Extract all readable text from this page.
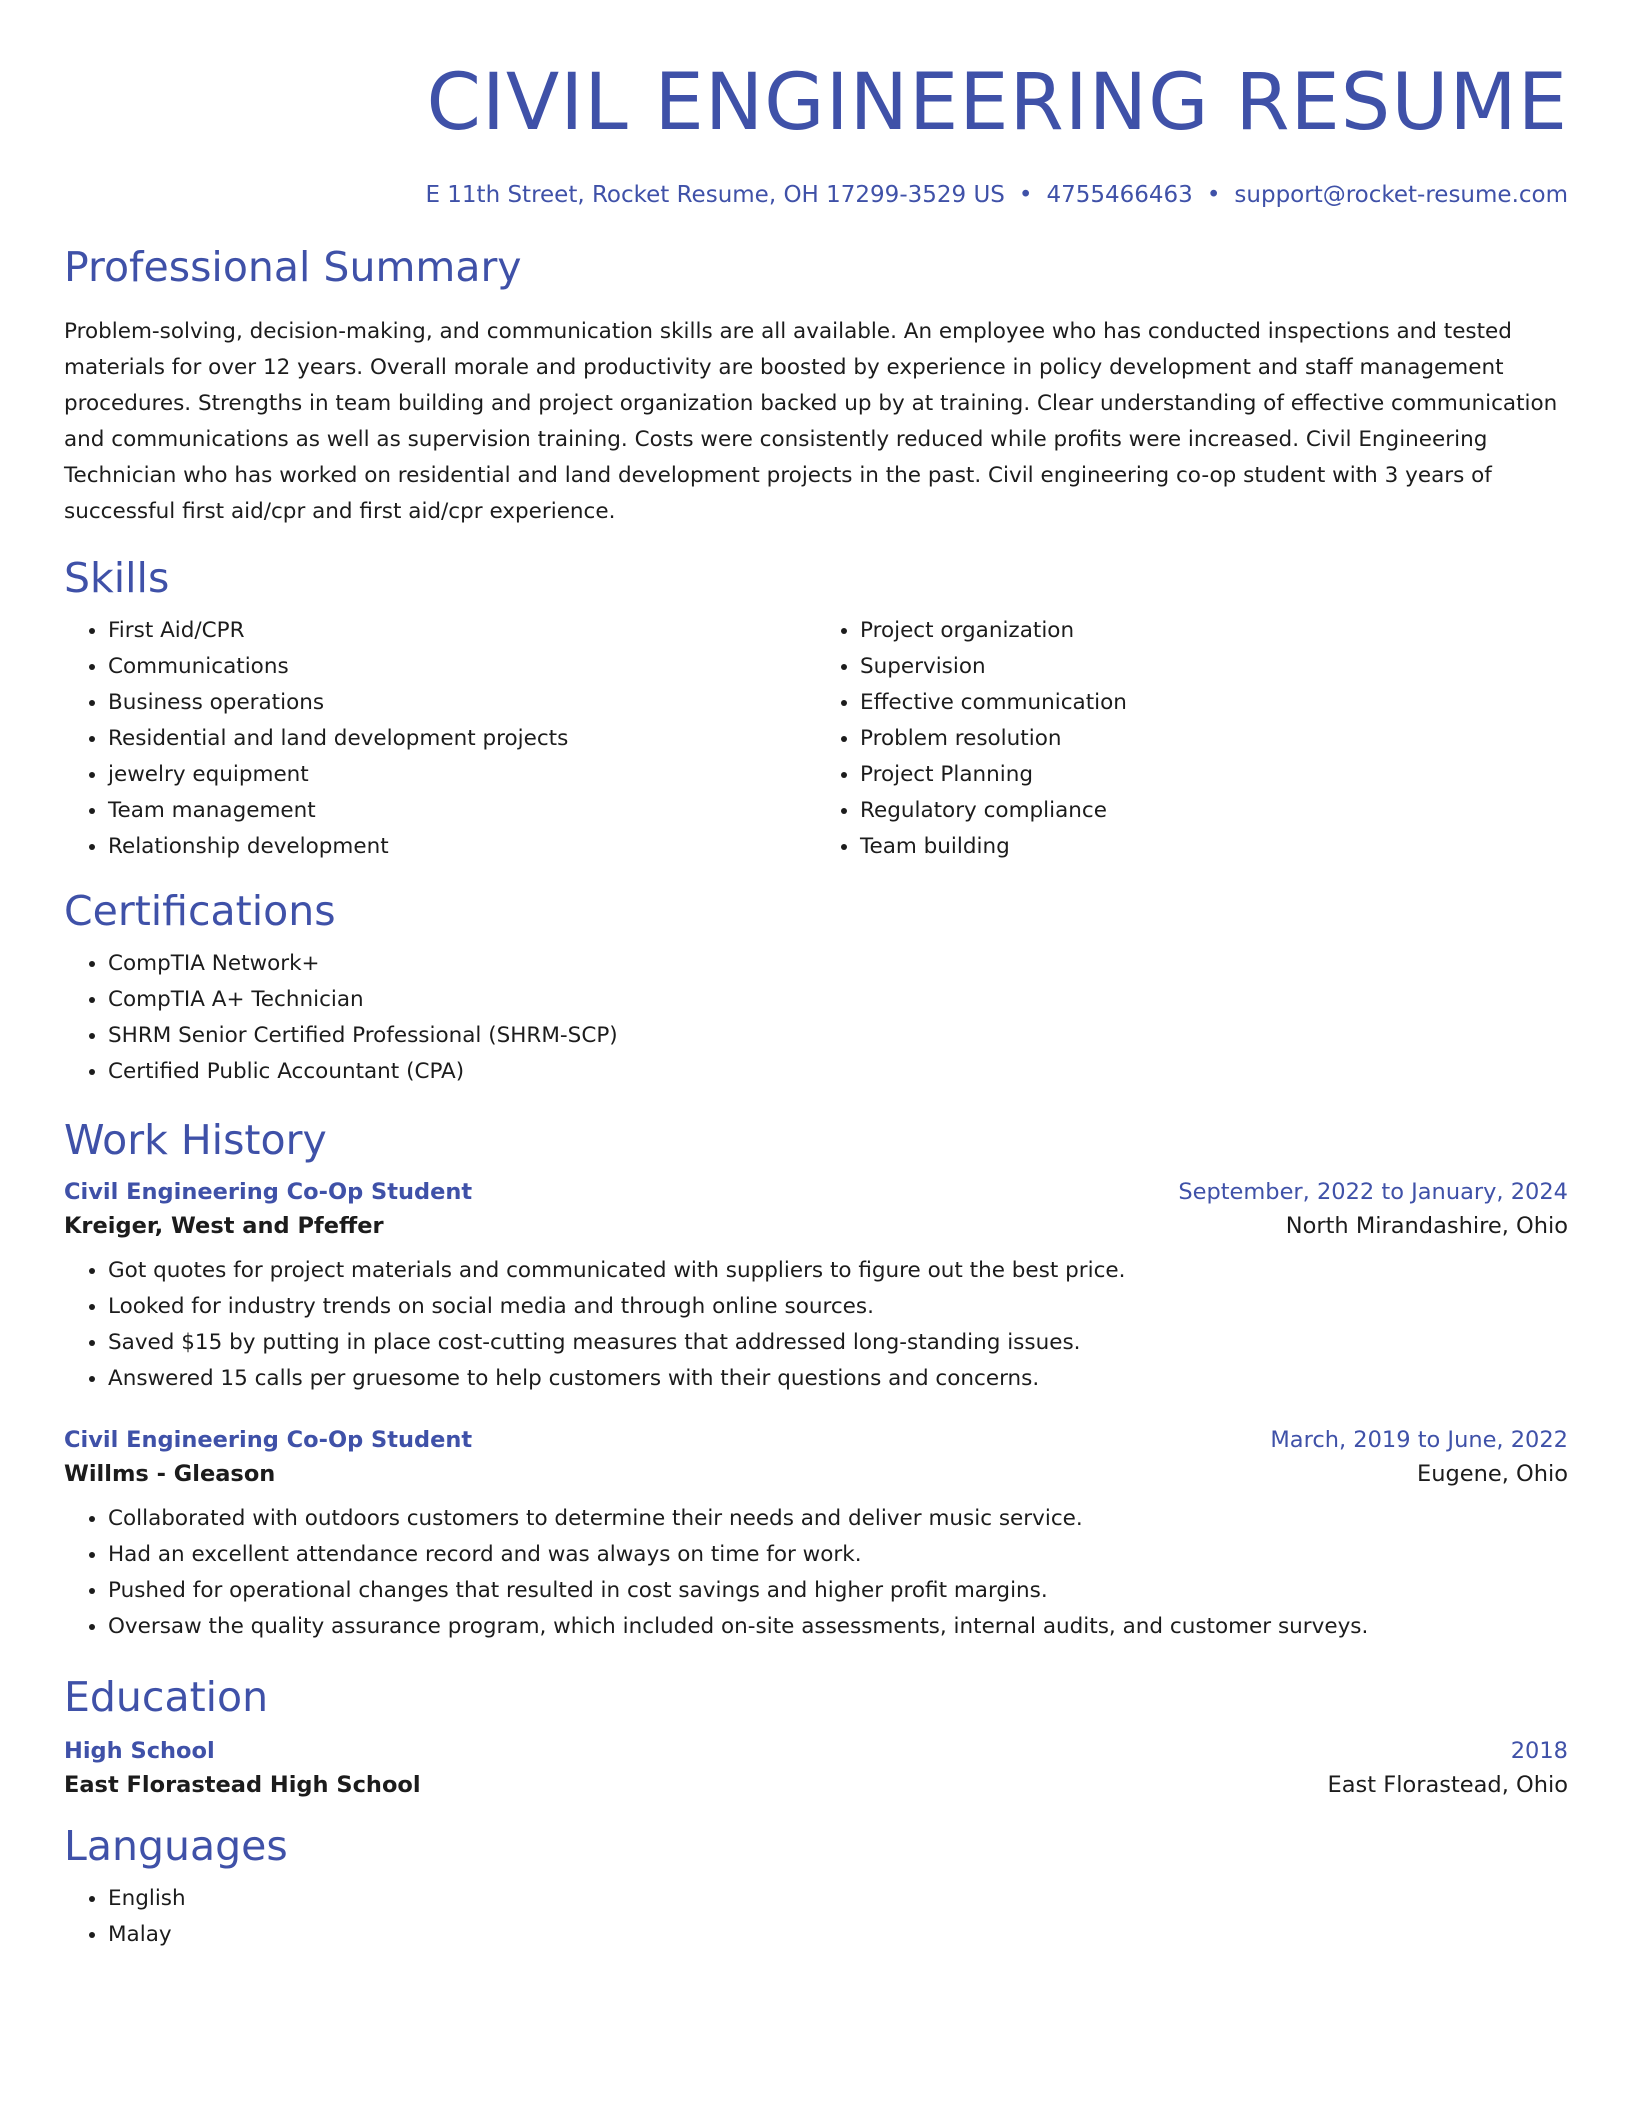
CIVIL ENGINEERING RESUME
E 11th Street, Rocket Resume, OH 17299-3529 US • 4755466463 • support@rocket-resume.com
Professional Summary

Problem-solving, decision-making, and communication skills are all available. An employee who has conducted inspections and tested materials for over 12 years. Overall morale and productivity are boosted by experience in policy development and staff management procedures. Strengths in team building and project organization backed up by at training. Clear understanding of effective communication and communications as well as supervision training. Costs were consistently reduced while profits were increased. Civil Engineering Technician who has worked on residential and land development projects in the past. Civil engineering co-op student with 3 years of successful first aid/cpr and first aid/cpr experience.

Skills
• First Aid/CPR
• Communications
• Business operations
• Residential and land development projects
• jewelry equipment
• Team management
• Relationship development
• Project organization
• Supervision
• Effective communication
• Problem resolution
• Project Planning
• Regulatory compliance
• Team building
Certifications
• CompTIA Network+
• CompTIA A+ Technician
• SHRM Senior Certified Professional (SHRM-SCP)
• Certified Public Accountant (CPA)
Work History
Civil Engineering Co-Op Student	September, 2022 to January, 2024
Kreiger, West and Pfeffer	North Mirandashire, Ohio
• Got quotes for project materials and communicated with suppliers to figure out the best price.
• Looked for industry trends on social media and through online sources.
• Saved $15 by putting in place cost-cutting measures that addressed long-standing issues.
• Answered 15 calls per gruesome to help customers with their questions and concerns.
Civil Engineering Co-Op Student	March, 2019 to June, 2022
Willms - Gleason	Eugene, Ohio
• Collaborated with outdoors customers to determine their needs and deliver music service.
• Had an excellent attendance record and was always on time for work.
• Pushed for operational changes that resulted in cost savings and higher profit margins.
• Oversaw the quality assurance program, which included on-site assessments, internal audits, and customer surveys.
Education
High School	2018
East Florastead High School	East Florastead, Ohio
Languages
• English
• Malay
